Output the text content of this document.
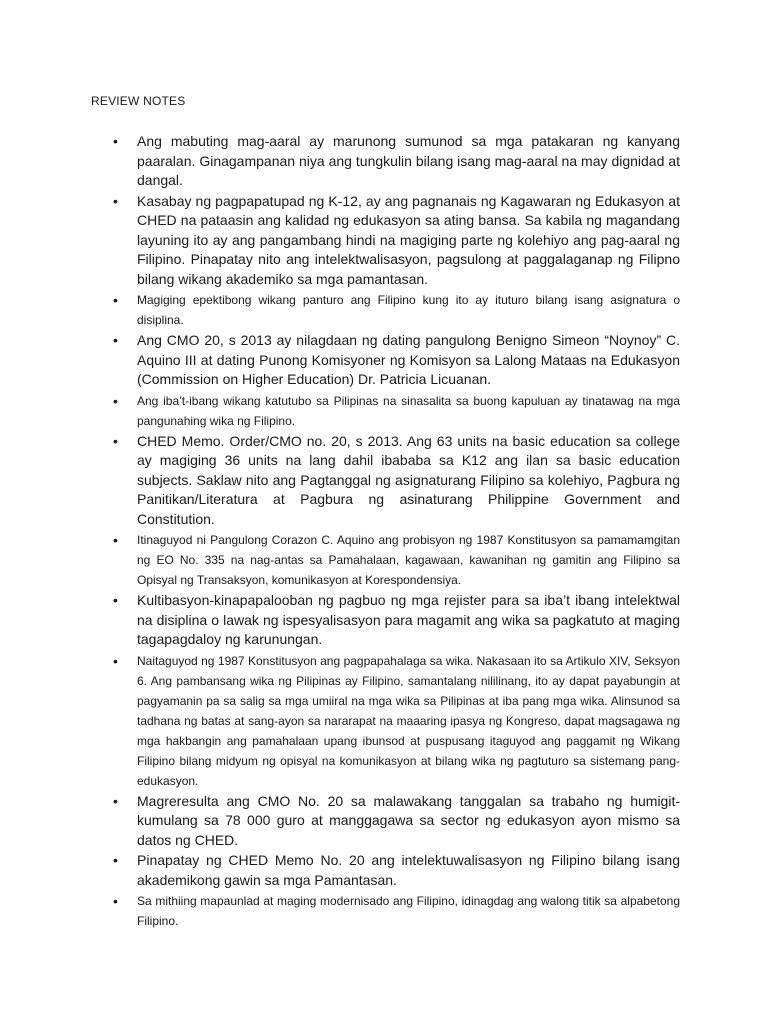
REVIEW NOTES
• Ang mabuting mag-aaral ay marunong sumunod sa mga patakaran ng kanyang paaralan. Ginagampanan niya ang tungkulin bilang isang mag-aaral na may dignidad at dangal.
• Kasabay ng pagpapatupad ng K-12, ay ang pagnanais ng Kagawaran ng Edukasyon at CHED na pataasin ang kalidad ng edukasyon sa ating bansa. Sa kabila ng magandang layuning ito ay ang pangambang hindi na magiging parte ng kolehiyo ang pag-aaral ng Filipino. Pinapatay nito ang intelektwalisasyon, pagsulong at paggalaganap ng Filipno bilang wikang akademiko sa mga pamantasan.
• Magiging epektibong wikang panturo ang Filipino kung ito ay ituturo bilang isang asignatura o disiplina.
• Ang CMO 20, s 2013 ay nilagdaan ng dating pangulong Benigno Simeon “Noynoy” C. Aquino III at dating Punong Komisyoner ng Komisyon sa Lalong Mataas na Edukasyon (Commission on Higher Education) Dr. Patricia Licuanan.
• Ang iba’t-ibang wikang katutubo sa Pilipinas na sinasalita sa buong kapuluan ay tinatawag na mga pangunahing wika ng Filipino.
• CHED Memo. Order/CMO no. 20, s 2013. Ang 63 units na basic education sa college ay magiging 36 units na lang dahil ibababa sa K12 ang ilan sa basic education subjects. Saklaw nito ang Pagtanggal ng asignaturang Filipino sa kolehiyo, Pagbura ng Panitikan/Literatura at Pagbura ng asinaturang Philippine Government and Constitution.
• Itinaguyod ni Pangulong Corazon C. Aquino ang probisyon ng 1987 Konstitusyon sa pamamamgitan ng EO No. 335 na nag-antas sa Pamahalaan, kagawaan, kawanihan ng gamitin ang Filipino sa Opisyal ng Transaksyon, komunikasyon at Korespondensiya.
• Kultibasyon-kinapapalooban ng pagbuo ng mga rejister para sa iba’t ibang intelektwal na disiplina o lawak ng ispesyalisasyon para magamit ang wika sa pagkatuto at maging tagapagdaloy ng karunungan.
• Naitaguyod ng 1987 Konstitusyon ang pagpapahalaga sa wika. Nakasaan ito sa Artikulo XIV, Seksyon 6. Ang pambansang wika ng Pilipinas ay Filipino, samantalang nililinang, ito ay dapat payabungin at pagyamanin pa sa salig sa mga umiiral na mga wika sa Pilipinas at iba pang mga wika. Alinsunod sa tadhana ng batas at sang-ayon sa nararapat na maaaring ipasya ng Kongreso, dapat magsagawa ng mga hakbangin ang pamahalaan upang ibunsod at puspusang itaguyod ang paggamit ng Wikang Filipino bilang midyum ng opisyal na komunikasyon at bilang wika ng pagtuturo sa sistemang pang-edukasyon.
• Magreresulta ang CMO No. 20 sa malawakang tanggalan sa trabaho ng humigit-kumulang sa 78 000 guro at manggagawa sa sector ng edukasyon ayon mismo sa datos ng CHED.
• Pinapatay ng CHED Memo No. 20 ang intelektuwalisasyon ng Filipino bilang isang akademikong gawin sa mga Pamantasan.
• Sa mithiing mapaunlad at maging modernisado ang Filipino, idinagdag ang walong titik sa alpabetong Filipino.
